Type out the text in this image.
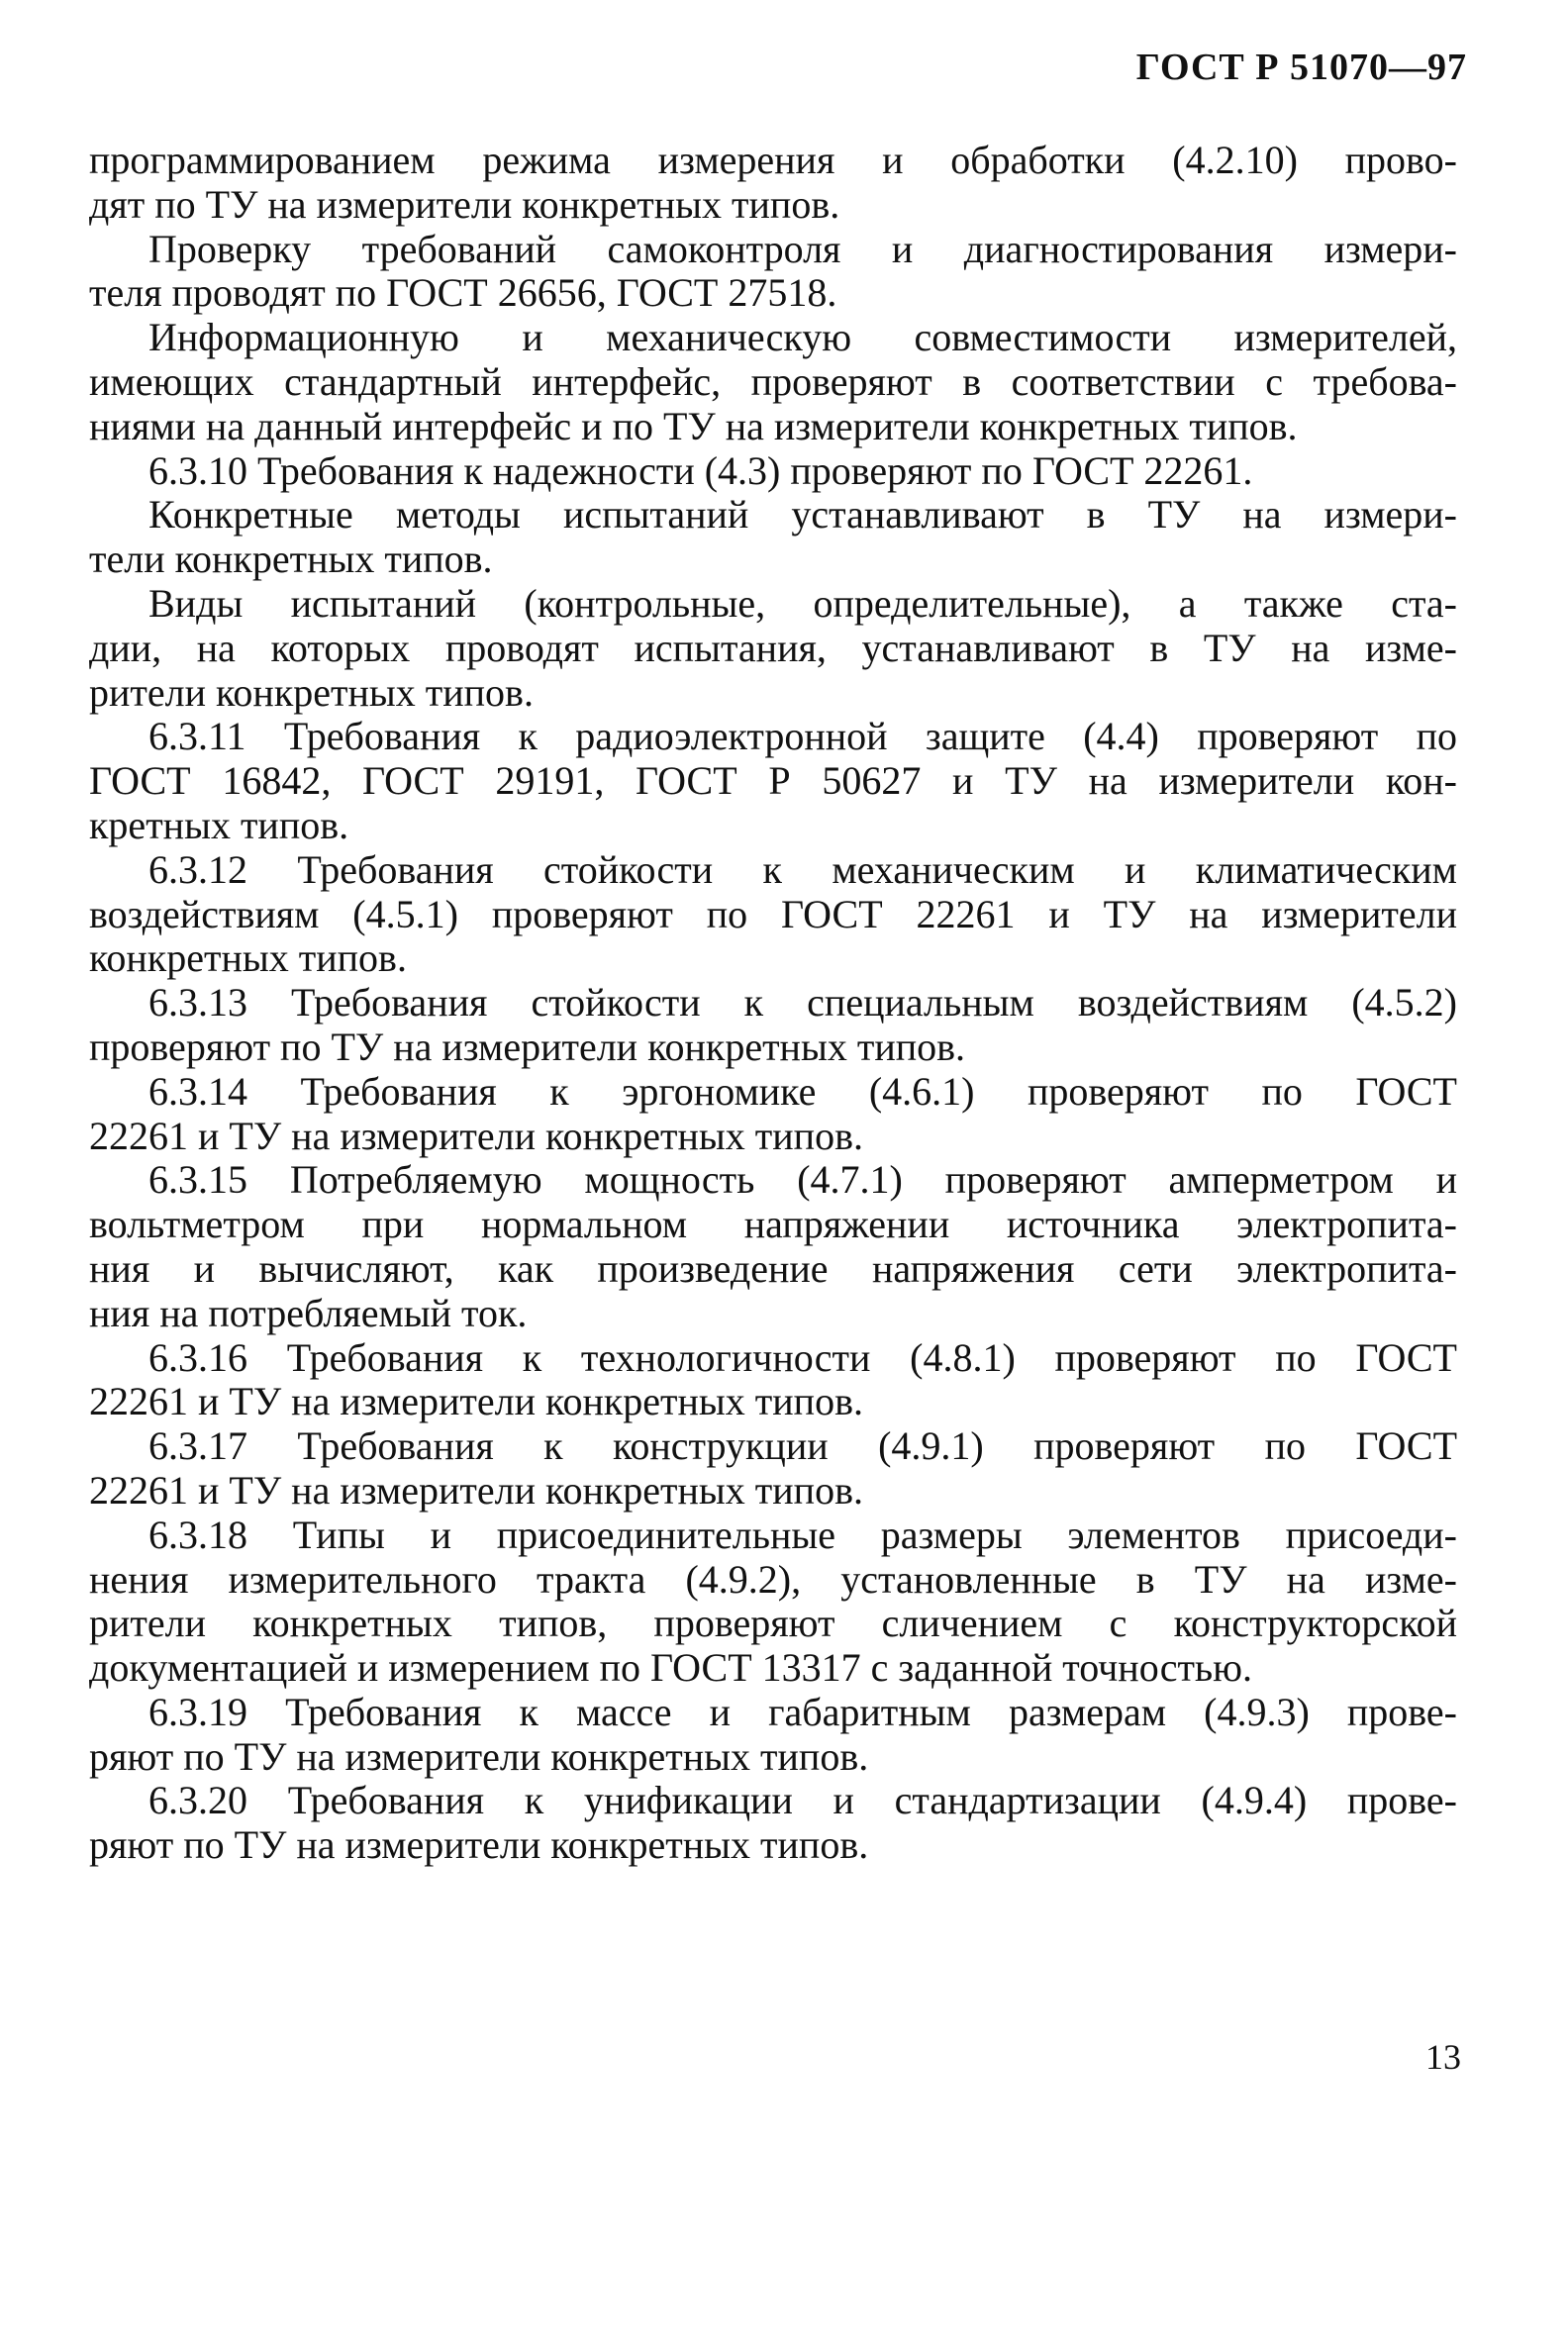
ГОСТ Р 51070—97
программированием режима измерения и обработки (4.2.10) прово-
дят по ТУ на измерители конкретных типов.
Проверку требований самоконтроля и диагностирования измери-
теля проводят по ГОСТ 26656, ГОСТ 27518.
Информационную и механическую совместимости измерителей,
имеющих стандартный интерфейс, проверяют в соответствии с требова-
ниями на данный интерфейс и по ТУ на измерители конкретных типов.
6.3.10 Требования к надежности (4.3) проверяют по ГОСТ 22261.
Конкретные методы испытаний устанавливают в ТУ на измери-
тели конкретных типов.
Виды испытаний (контрольные, определительные), а также ста-
дии, на которых проводят испытания, устанавливают в ТУ на изме-
рители конкретных типов.
6.3.11 Требования к радиоэлектронной защите (4.4) проверяют по
ГОСТ 16842, ГОСТ 29191, ГОСТ Р 50627 и ТУ на измерители кон-
кретных типов.
6.3.12 Требования стойкости к механическим и климатическим
воздействиям (4.5.1) проверяют по ГОСТ 22261 и ТУ на измерители
конкретных типов.
6.3.13 Требования стойкости к специальным воздействиям (4.5.2)
проверяют по ТУ на измерители конкретных типов.
6.3.14 Требования к эргономике (4.6.1) проверяют по ГОСТ
22261 и ТУ на измерители конкретных типов.
6.3.15 Потребляемую мощность (4.7.1) проверяют амперметром и
вольтметром при нормальном напряжении источника электропита-
ния и вычисляют, как произведение напряжения сети электропита-
ния на потребляемый ток.
6.3.16 Требования к технологичности (4.8.1) проверяют по ГОСТ
22261 и ТУ на измерители конкретных типов.
6.3.17 Требования к конструкции (4.9.1) проверяют по ГОСТ
22261 и ТУ на измерители конкретных типов.
6.3.18 Типы и присоединительные размеры элементов присоеди-
нения измерительного тракта (4.9.2), установленные в ТУ на изме-
рители конкретных типов, проверяют сличением с конструкторской
документацией и измерением по ГОСТ 13317 с заданной точностью.
6.3.19 Требования к массе и габаритным размерам (4.9.3) прове-
ряют по ТУ на измерители конкретных типов.
6.3.20 Требования к унификации и стандартизации (4.9.4) прове-
ряют по ТУ на измерители конкретных типов.
13
